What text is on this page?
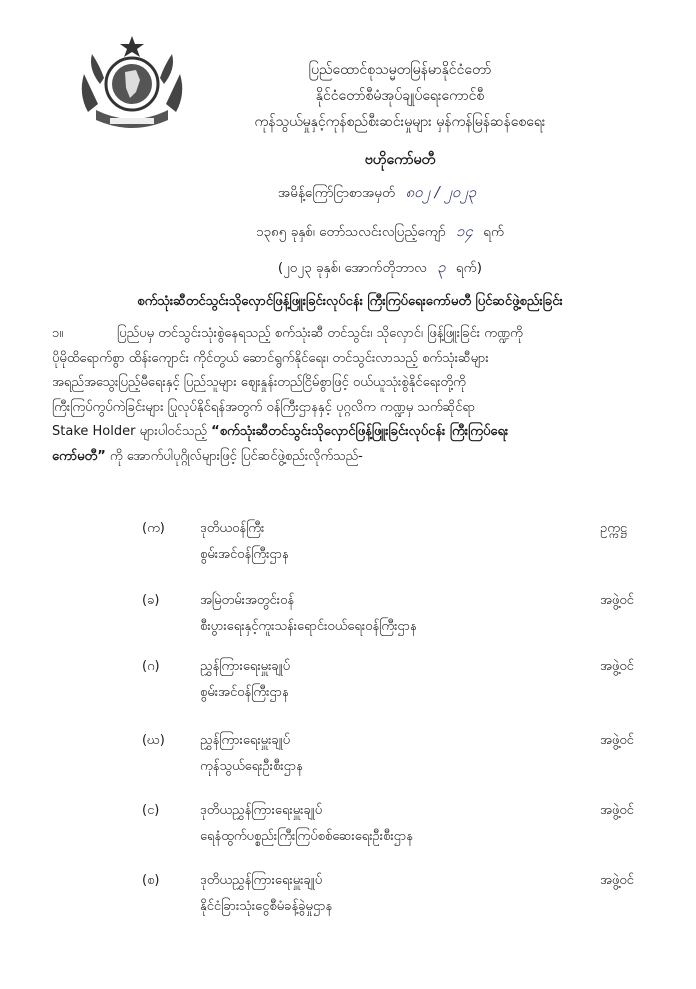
ပြည်ထောင်စုသမ္မတမြန်မာနိုင်ငံတော်
နိုင်ငံတော်စီမံအုပ်ချုပ်ရေးကောင်စီ
ကုန်သွယ်မှုနှင့်ကုန်စည်စီးဆင်းမှုများ မှန်ကန်မြန်ဆန်စေရေး
ဗဟိုကော်မတီ
အမိန့်ကြော်ငြာစာအမှတ် ၈၀၂ / ၂၀၂၃
၁၃၈၅ ခုနှစ်၊ တော်သလင်းလပြည့်ကျော် ၁၄ ရက်
(၂၀၂၃ ခုနှစ်၊ အောက်တိုဘာလ ၃ ရက်)
စက်သုံးဆီတင်သွင်းသိုလှောင်ဖြန့်ဖြူးခြင်းလုပ်ငန်း ကြီးကြပ်ရေးကော်မတီ ပြင်ဆင်ဖွဲ့စည်းခြင်း
၁။	ပြည်ပမှ တင်သွင်းသုံးစွဲနေရသည့် စက်သုံးဆီ တင်သွင်း၊ သိုလှောင်၊ ဖြန့်ဖြူးခြင်း ကဏ္ဍကို
ပိုမိုထိရောက်စွာ ထိန်းကျောင်း ကိုင်တွယ် ဆောင်ရွက်နိုင်ရေး၊ တင်သွင်းလာသည့် စက်သုံးဆီများ
အရည်အသွေးပြည့်မီရေးနှင့် ပြည်သူများ စျေးနှုန်းတည်ငြိမ်စွာဖြင့် ဝယ်ယူသုံးစွဲနိုင်ရေးတို့ကို
ကြီးကြပ်ကွပ်ကဲခြင်းများ ပြုလုပ်နိုင်ရန်အတွက် ဝန်ကြီးဌာနနှင့် ပုဂ္ဂလိက ကဏ္ဍမှ သက်ဆိုင်ရာ
Stake Holder များပါဝင်သည့် “စက်သုံးဆီတင်သွင်းသိုလှောင်ဖြန့်ဖြူးခြင်းလုပ်ငန်း ကြီးကြပ်ရေး
ကော်မတီ” ကို အောက်ပါပုဂ္ဂိုလ်များဖြင့် ပြင်ဆင်ဖွဲ့စည်းလိုက်သည်-
(က)	ဒုတိယဝန်ကြီး
စွမ်းအင်ဝန်ကြီးဌာန
ဥက္ကဋ္ဌ
(ခ)	အမြဲတမ်းအတွင်းဝန်
စီးပွားရေးနှင့်ကူးသန်းရောင်းဝယ်ရေးဝန်ကြီးဌာန
အဖွဲ့ဝင်
(ဂ)	ညွှန်ကြားရေးမှူးချုပ်
စွမ်းအင်ဝန်ကြီးဌာန
အဖွဲ့ဝင်
(ဃ)	ညွှန်ကြားရေးမှူးချုပ်
ကုန်သွယ်ရေးဦးစီးဌာန
အဖွဲ့ဝင်
(င)	ဒုတိယညွှန်ကြားရေးမှူးချုပ်
ရေနံထွက်ပစ္စည်းကြီးကြပ်စစ်ဆေးရေးဦးစီးဌာန
အဖွဲ့ဝင်
(စ)	ဒုတိယညွှန်ကြားရေးမှူးချုပ်
နိုင်ငံခြားသုံးငွေစီမံခန့်ခွဲမှုဌာန
အဖွဲ့ဝင်
